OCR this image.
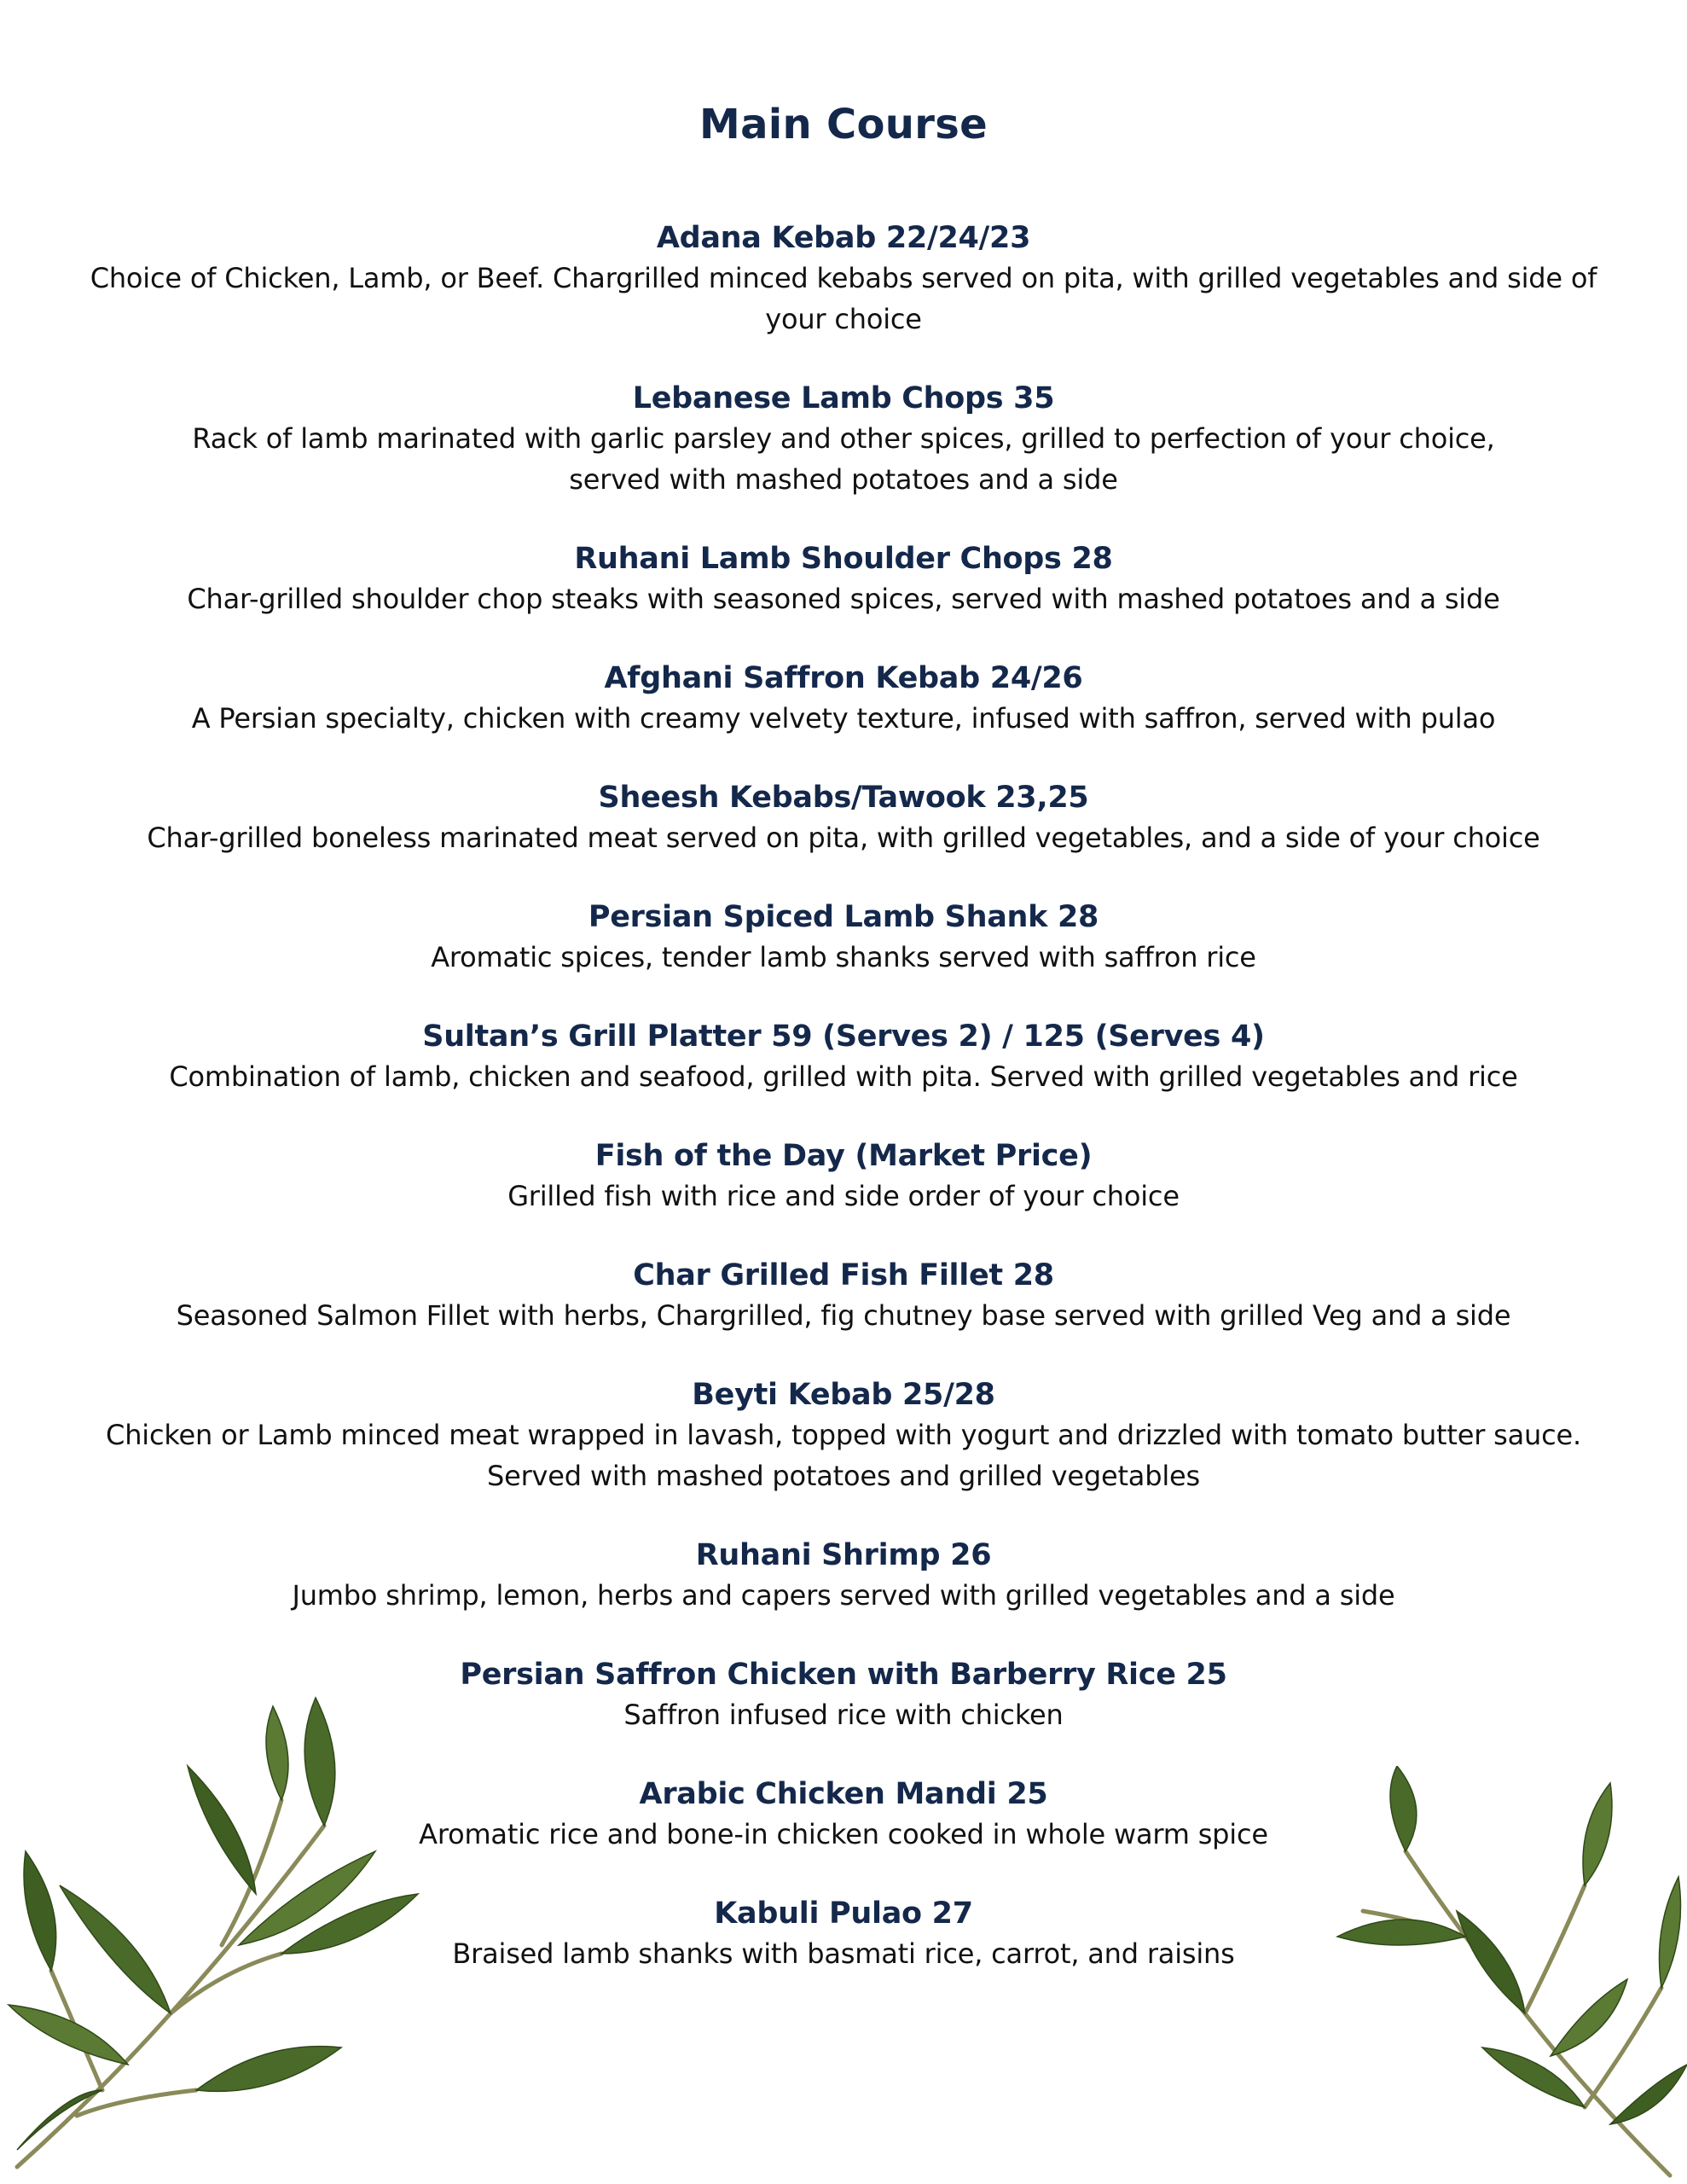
Main Course
Adana Kebab 22/24/23
Choice of Chicken, Lamb, or Beef. Chargrilled minced kebabs served on pita, with grilled vegetables and side of your choice
Lebanese Lamb Chops 35
Rack of lamb marinated with garlic parsley and other spices, grilled to perfection of your choice, served with mashed potatoes and a side
Ruhani Lamb Shoulder Chops 28
Char-grilled shoulder chop steaks with seasoned spices, served with mashed potatoes and a side
Afghani Saffron Kebab 24/26
A Persian specialty, chicken with creamy velvety texture, infused with saffron, served with pulao
Sheesh Kebabs/Tawook 23,25
Char-grilled boneless marinated meat served on pita, with grilled vegetables, and a side of your choice
Persian Spiced Lamb Shank 28
Aromatic spices, tender lamb shanks served with saffron rice
Sultan’s Grill Platter 59 (Serves 2) / 125 (Serves 4)
Combination of lamb, chicken and seafood, grilled with pita. Served with grilled vegetables and rice
Fish of the Day (Market Price)
Grilled fish with rice and side order of your choice
Char Grilled Fish Fillet 28
Seasoned Salmon Fillet with herbs, Chargrilled, fig chutney base served with grilled Veg and a side
Beyti Kebab 25/28
Chicken or Lamb minced meat wrapped in lavash, topped with yogurt and drizzled with tomato butter sauce. Served with mashed potatoes and grilled vegetables
Ruhani Shrimp 26
Jumbo shrimp, lemon, herbs and capers served with grilled vegetables and a side
Persian Saffron Chicken with Barberry Rice 25
Saffron infused rice with chicken
Arabic Chicken Mandi 25
Aromatic rice and bone-in chicken cooked in whole warm spice
Kabuli Pulao 27
Braised lamb shanks with basmati rice, carrot, and raisins
